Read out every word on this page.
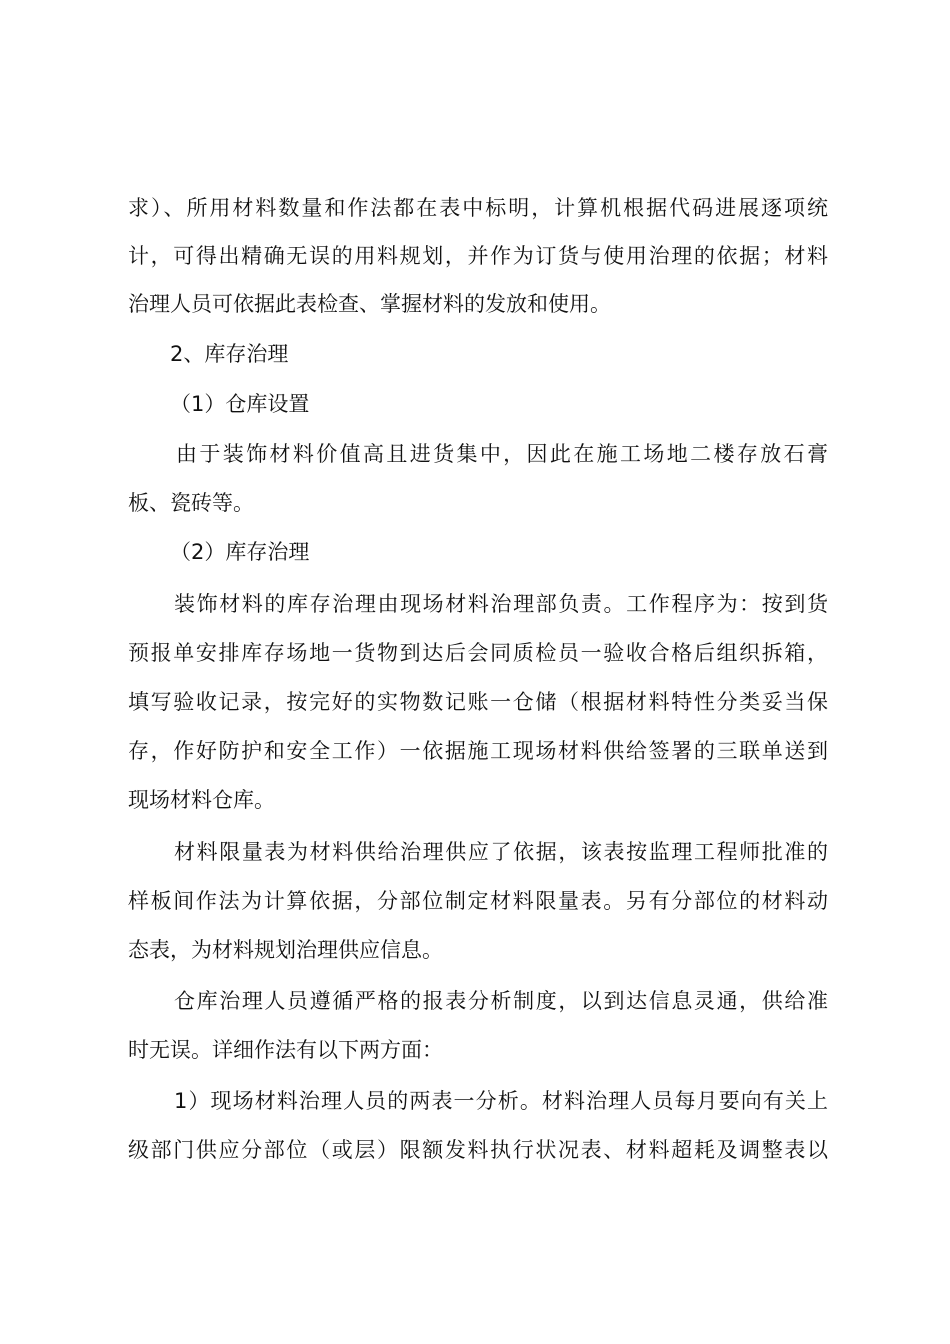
求）、所用材料数量和作法都在表中标明，计算机根据代码进展逐项统
计，可得出精确无误的用料规划，并作为订货与使用治理的依据；材料
治理人员可依据此表检查、掌握材料的发放和使用。
2、库存治理
（1）仓库设置
由于装饰材料价值高且进货集中，因此在施工场地二楼存放石膏
板、瓷砖等。
（2）库存治理
装饰材料的库存治理由现场材料治理部负责。工作程序为：按到货
预报单安排库存场地一货物到达后会同质检员一验收合格后组织拆箱，
填写验收记录，按完好的实物数记账一仓储（根据材料特性分类妥当保
存，作好防护和安全工作）一依据施工现场材料供给签署的三联单送到
现场材料仓库。
材料限量表为材料供给治理供应了依据，该表按监理工程师批准的
样板间作法为计算依据，分部位制定材料限量表。另有分部位的材料动
态表，为材料规划治理供应信息。
仓库治理人员遵循严格的报表分析制度，以到达信息灵通，供给准
时无误。详细作法有以下两方面：
1）现场材料治理人员的两表一分析。材料治理人员每月要向有关上
级部门供应分部位（或层）限额发料执行状况表、材料超耗及调整表以
